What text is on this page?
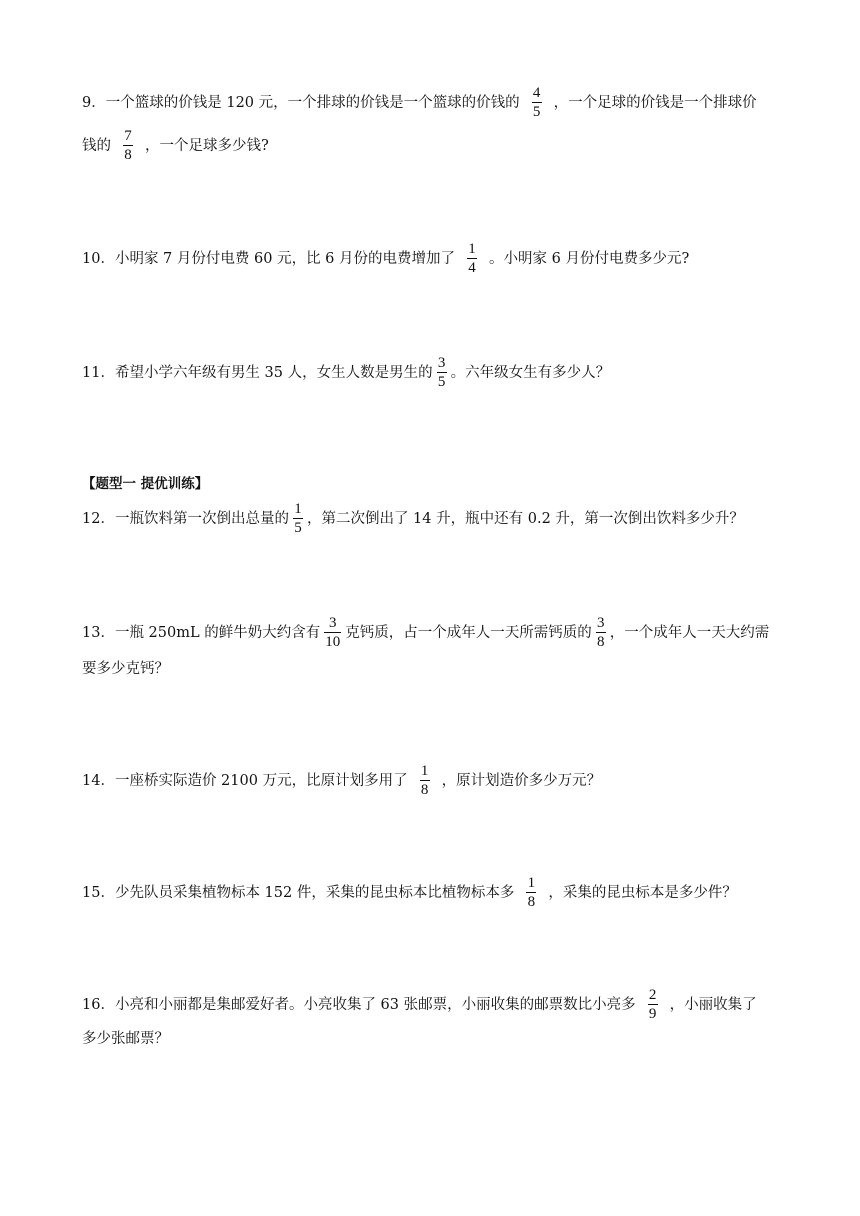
9． 一个篮球的价钱是 120 元，一个排球的价钱是一个篮球的价钱的 $\frac{4}{5}$ ，一个足球的价钱是一个排球价
钱的 $\frac{7}{8}$ ，一个足球多少钱?
10． 小明家 7 月份付电费 60 元，比 6 月份的电费增加了 $\frac{1}{4}$ 。小明家 6 月份付电费多少元?
11． 希望小学六年级有男生 35 人，女生人数是男生的 $\frac{3}{5}$ 。六年级女生有多少人？
【题型一 提优训练】
12． 一瓶饮料第一次倒出总量的 $\frac{1}{5}$ ，第二次倒出了 14 升，瓶中还有 0.2 升，第一次倒出饮料多少升？
13． 一瓶 250mL 的鲜牛奶大约含有 $\frac{3}{10}$ 克钙质，占一个成年人一天所需钙质的 $\frac{3}{8}$ ，一个成年人一天大约需
要多少克钙？
14． 一座桥实际造价 2100 万元，比原计划多用了 $\frac{1}{8}$ ，原计划造价多少万元？
15． 少先队员采集植物标本 152 件，采集的昆虫标本比植物标本多 $\frac{1}{8}$ ，采集的昆虫标本是多少件？
16． 小亮和小丽都是集邮爱好者。小亮收集了 63 张邮票，小丽收集的邮票数比小亮多 $\frac{2}{9}$ ，小丽收集了
多少张邮票？
